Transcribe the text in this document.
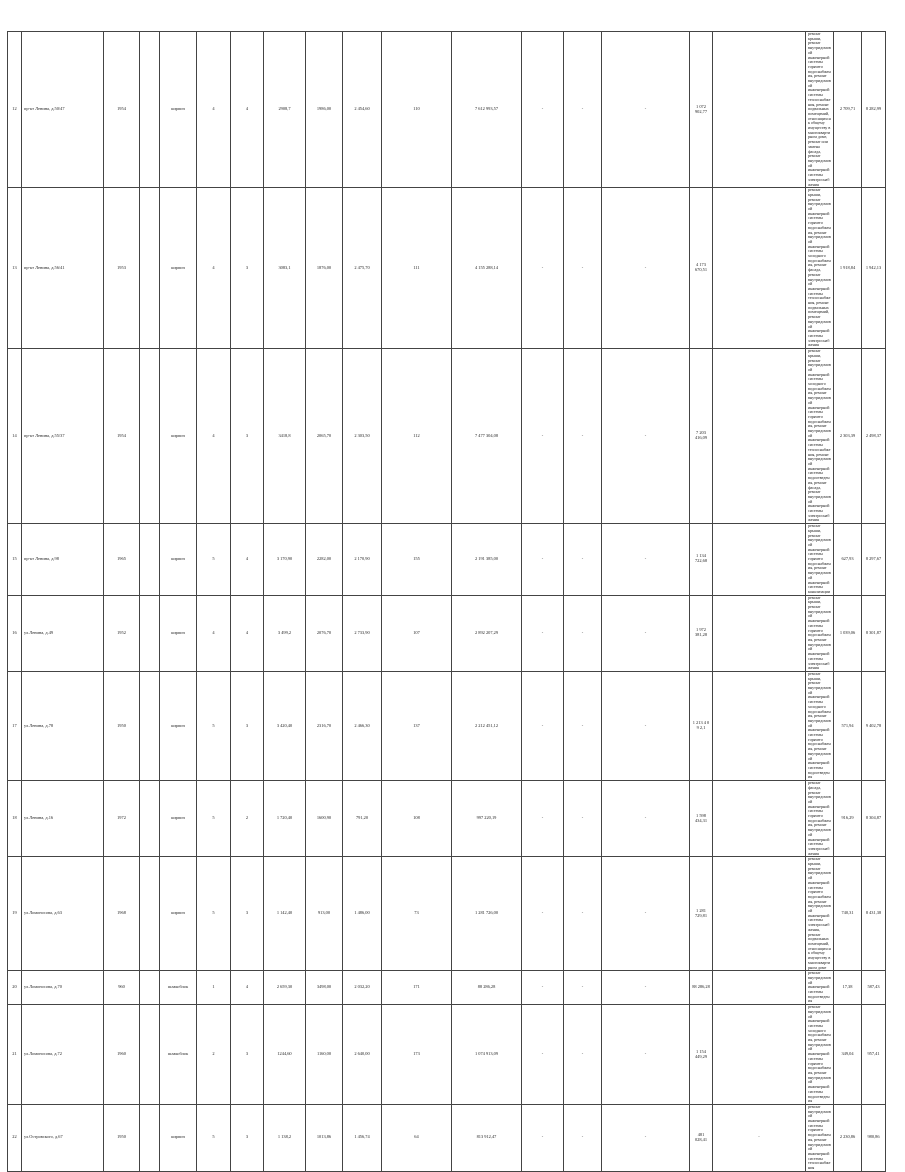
12	пр-кт Ленина, д.50/47	1954		кирпич	4	4	2908,7	1986,00	2 454,60	110	7 612 993,57	-	-	-	1 072 902,77		ремонт крыши, ремонт внутридомовой инженерной системы горячего водоснабжения, ремонт внутридомовой инженерной системы теплоснабжения, ремонт подвальных помещений, относящихся к общему имуществу в многоквартирном доме, ремонт или замена фасада, ремонт внутридомовой инженерной системы электроснабжения	2 709,71	8 282,99	
13	пр-кт Ленина, д.56/41	1953		кирпич	4	3	3083,1	1876,00	2 475,70	111	4 155 288,14	-	-	-	4 173 670,51		ремонт крыши, ремонт внутридомовой инженерной системы горячего водоснабжения, ремонт внутридомовой инженерной системы холодного водоснабжения, ремонт фасада, ремонт внутридомовой инженерной системы теплоснабжения, ремонт подвальных помещений, ремонт внутридомовой инженерной системы электроснабжения	1 918,84	1 942,13	
14	пр-кт Ленина, д.55/37	1954		кирпич	4	3	3418,8	2065,70	2 303,50	112	7 477 304,08	-	-	-	7 203 416,09		ремонт крыши, ремонт внутридомовой инженерной системы холодного водоснабжения, ремонт внутридомовой инженерной системы горячего водоснабжения, ремонт внутридомовой инженерной системы теплоснабжения, ремонт внутридомовой инженерной системы водоотведения, ремонт фасада, ремонт внутридомовой инженерной системы электроснабжения	2 303,39	2 498,37	
15	пр-кт Ленина, д.98	1965		кирпич	5	4	3 170,90	2282,00	2 170,90	155	2 191 385,00	-	-	-	1 134 722,68		ремонт крыши, ремонт внутридомовой инженерной системы горячего водоснабжения, ремонт внутридомовой инженерной системы канализации	627,93	8 297,67	
16	ул.Ленина, д.49	1952		кирпич	4	4	3 499,2	2076,70	2 733,90	107	2 892 207,29	-	-	-	1 972 381,28		ремонт крыши, ремонт внутридомовой инженерной системы горячего водоснабжения, ремонт внутридомовой инженерной системы электроснабжения	1 039,06	8 301,87	
17	ул.Ленина, д.78	1950		кирпич	5	3	3 420,40	2316,70	2 466,30	137	2 212 451,12	-	-	-	1 213 4 0 9 2,1		ремонт крыши, ремонт внутридомовой инженерной системы холодного водоснабжения, ремонт внутридомовой инженерной системы горячего водоснабжения, ремонт внутридомовой инженерной системы водоотведения	571,94	9 402,78	
18	ул.Ленина, д.16	1972		кирпич	5	2	1 720,40	1600,90	791,20	108	997 220,19	-	-	-	1 598 434,31		ремонт фасада, ремонт внутридомовой инженерной системы горячего водоснабжения, ремонт внутридомовой инженерной системы электроснабжения	916,29	8 304,87	
19	ул.Ломоносова, д.63	1968		кирпич	5	3	1 142,40	913,00	1 486,00	73	1 281 726,00	-	-	-	1 281 729,81		ремонт крыши, ремонт внутридомовой инженерной системы горячего водоснабжения, ремонт внутридомовой инженерной системы электроснабжения, ремонт подвальных помещений, относящихся к общему имуществу в многоквартирном доме	740,31	8 431,38	
20	ул.Ломоносова, д.70	960		шлакоблок	1	4	2 659,30	3498,00	2 032,20	171	88 286,28	-	-	-	88 286,28		ремонт внутридомовой инженерной системы водоотведения	17,38	587,43	
21	ул.Ломоносова, д.72	1960		шлакоблок	2	3	1244,60	1160,00	2 640,00	173	1 074 913,09	-	-	-	1 154 449,29		ремонт внутридомовой инженерной системы холодного водоснабжения, ремонт внутридомовой инженерной системы горячего водоснабжения, ремонт внутридомовой инженерной системы водоотведения	349,04	957,41	
22	ул.Островского, д.67	1950		кирпич	5	3	1 138,2	1013,86	1 456,74	64	813 912,47	-	-	-	481 028,41	-	ремонт внутридомовой инженерной системы горячего водоснабжения, ремонт внутридомовой инженерной системы теплоснабжения	2 230,86	980,86	
